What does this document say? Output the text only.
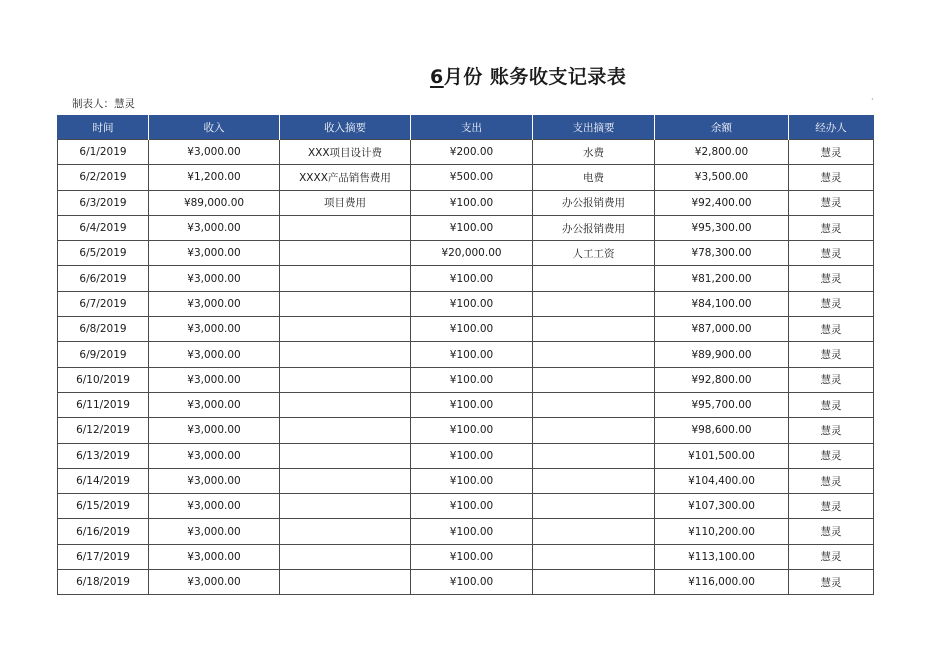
6月份 账务收支记录表
制表人：慧灵	·
时间	收入	收入摘要	支出	支出摘要	余额	经办人
6/1/2019	¥3,000.00	XXX项目设计费	¥200.00	水费	¥2,800.00	慧灵
6/2/2019	¥1,200.00	XXXX产品销售费用	¥500.00	电费	¥3,500.00	慧灵
6/3/2019	¥89,000.00	项目费用	¥100.00	办公报销费用	¥92,400.00	慧灵
6/4/2019	¥3,000.00		¥100.00	办公报销费用	¥95,300.00	慧灵
6/5/2019	¥3,000.00		¥20,000.00	人工工资	¥78,300.00	慧灵
6/6/2019	¥3,000.00		¥100.00		¥81,200.00	慧灵
6/7/2019	¥3,000.00		¥100.00		¥84,100.00	慧灵
6/8/2019	¥3,000.00		¥100.00		¥87,000.00	慧灵
6/9/2019	¥3,000.00		¥100.00		¥89,900.00	慧灵
6/10/2019	¥3,000.00		¥100.00		¥92,800.00	慧灵
6/11/2019	¥3,000.00		¥100.00		¥95,700.00	慧灵
6/12/2019	¥3,000.00		¥100.00		¥98,600.00	慧灵
6/13/2019	¥3,000.00		¥100.00		¥101,500.00	慧灵
6/14/2019	¥3,000.00		¥100.00		¥104,400.00	慧灵
6/15/2019	¥3,000.00		¥100.00		¥107,300.00	慧灵
6/16/2019	¥3,000.00		¥100.00		¥110,200.00	慧灵
6/17/2019	¥3,000.00		¥100.00		¥113,100.00	慧灵
6/18/2019	¥3,000.00		¥100.00		¥116,000.00	慧灵
